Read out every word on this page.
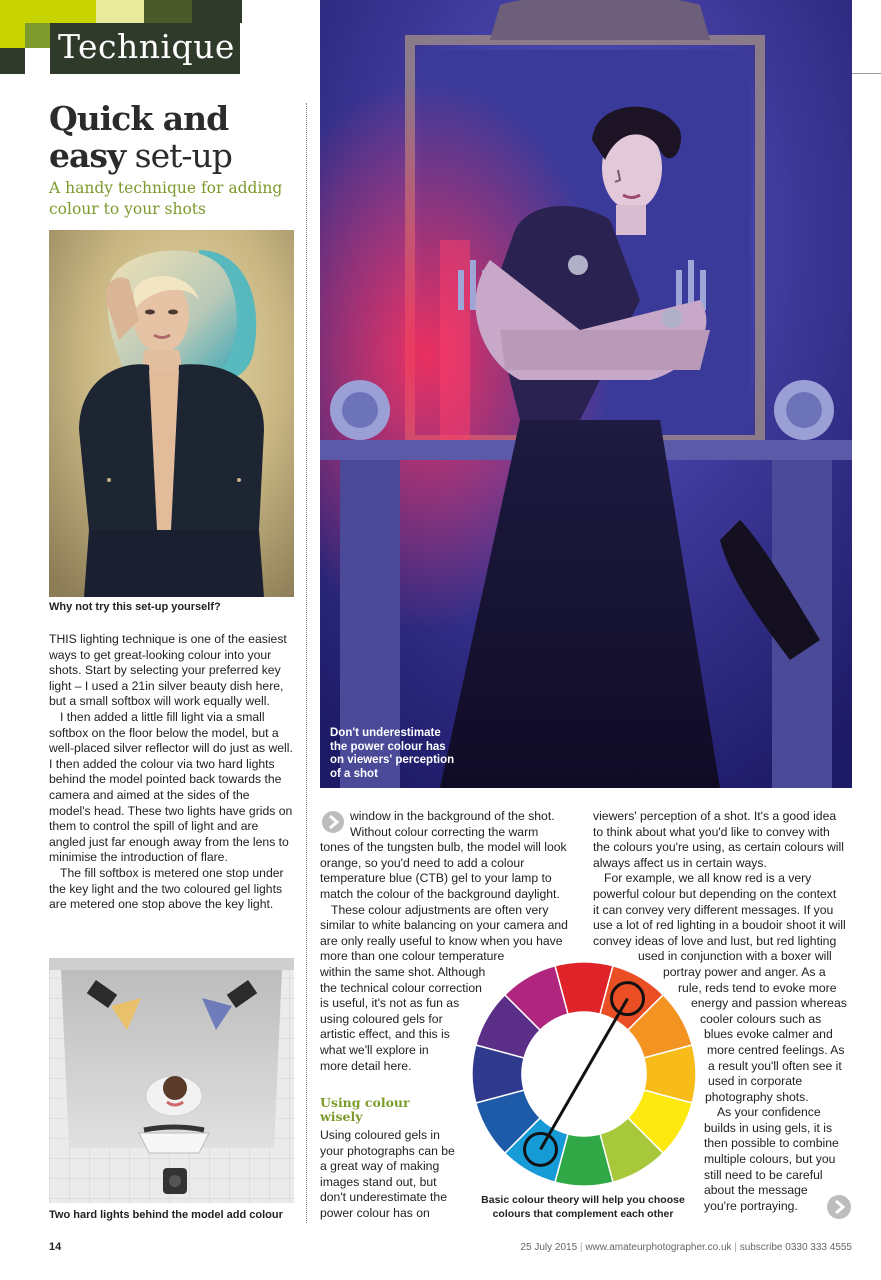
Technique
Quick and
easy set-up
A handy technique for adding colour to your shots
Why not try this set-up yourself?

THIS lighting technique is one of the easiest ways to get great-looking colour into your shots. Start by selecting your preferred key light – I used a 21in silver beauty dish here, but a small softbox will work equally well.

I then added a little fill light via a small softbox on the floor below the model, but a well-placed silver reflector will do just as well. I then added the colour via two hard lights behind the model pointed back towards the camera and aimed at the sides of the model's head. These two lights have grids on them to control the spill of light and are angled just far enough away from the lens to minimise the introduction of flare.

The fill softbox is metered one stop under the key light and the two coloured gel lights are metered one stop above the key light.

Two hard lights behind the model add colour
Don't underestimate the power colour has on viewers' perception of a shot
window in the background of the shot.
Without colour correcting the warm
tones of the tungsten bulb, the model will look
orange, so you'd need to add a colour
temperature blue (CTB) gel to your lamp to
match the colour of the background daylight.
These colour adjustments are often very
similar to white balancing on your camera and
are only really useful to know when you have
more than one colour temperature
within the same shot. Although
the technical colour correction
is useful, it's not as fun as
using coloured gels for
artistic effect, and this is
what we'll explore in
more detail here.
Using colour wisely
Using coloured gels in
your photographs can be
a great way of making
images stand out, but
don't underestimate the
power colour has on
viewers' perception of a shot. It's a good idea
to think about what you'd like to convey with
the colours you're using, as certain colours will
always affect us in certain ways.
For example, we all know red is a very
powerful colour but depending on the context
it can convey very different messages. If you
use a lot of red lighting in a boudoir shoot it will
convey ideas of love and lust, but red lighting
used in conjunction with a boxer will
portray power and anger. As a
rule, reds tend to evoke more
energy and passion whereas
cooler colours such as
blues evoke calmer and
more centred feelings. As
a result you'll often see it
used in corporate
photography shots.
As your confidence
builds in using gels, it is
then possible to combine
multiple colours, but you
still need to be careful
about the message
you're portraying.
Basic colour theory will help you choose colours that complement each other
14	25 July 2015 | www.amateurphotographer.co.uk | subscribe 0330 333 4555
